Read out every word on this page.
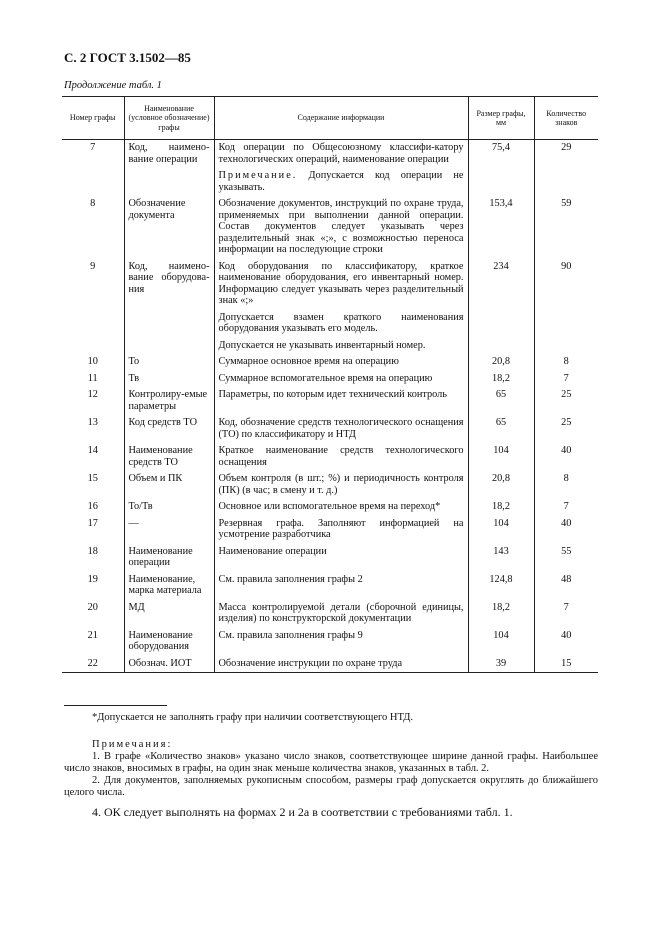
С. 2 ГОСТ 3.1502—85
Продолжение табл. 1
Номер графы	Наименование (условное обозначение) графы	Содержание информации	Размер графы, мм	Количество знаков
7	Код, наимено-вание операции	Код операции по Общесоюзному классифи-катору технологических операций, наименование операции	75,4	29
		Примечание. Допускается код операции не указывать.		
8	Обозначение документа	Обозначение документов, инструкций по охране труда, применяемых при выполнении данной операции. Состав документов следует указывать через разделительный знак «;», с возможностью переноса информации на последующие строки	153,4	59
9	Код, наимено-вание оборудова-ния	Код оборудования по классификатору, краткое наименование оборудования, его инвентарный номер. Информацию следует указывать через разделительный знак «;»	234	90
		Допускается взамен краткого наименования оборудования указывать его модель.		
		Допускается не указывать инвентарный номер.		
10	То	Суммарное основное время на операцию	20,8	8
11	Тв	Суммарное вспомогательное время на операцию	18,2	7
12	Контролиру-емые параметры	Параметры, по которым идет технический контроль	65	25
13	Код средств ТО	Код, обозначение средств технологического оснащения (ТО) по классификатору и НТД	65	25
14	Наименование средств ТО	Краткое наименование средств технологического оснащения	104	40
15	Объем и ПК	Объем контроля (в шт.; %) и периодичность контроля (ПК) (в час; в смену и т. д.)	20,8	8
16	То/Тв	Основное или вспомогательное время на переход*	18,2	7
17	—	Резервная графа. Заполняют информацией на усмотрение разработчика	104	40
18	Наименование операции	Наименование операции	143	55
19	Наименование, марка материала	См. правила заполнения графы 2	124,8	48
20	МД	Масса контролируемой детали (сборочной единицы, изделия) по конструкторской документации	18,2	7
21	Наименование оборудования	См. правила заполнения графы 9	104	40
22	Обознач. ИОТ	Обозначение инструкции по охране труда	39	15
*Допускается не заполнять графу при наличии соответствующего НТД.
Примечания:
1. В графе «Количество знаков» указано число знаков, соответствующее ширине данной графы. Наибольшее число знаков, вносимых в графы, на один знак меньше количества знаков, указанных в табл. 2.
2. Для документов, заполняемых рукописным способом, размеры граф допускается округлять до ближайшего целого числа.
4. ОК следует выполнять на формах 2 и 2а в соответствии с требованиями табл. 1.
